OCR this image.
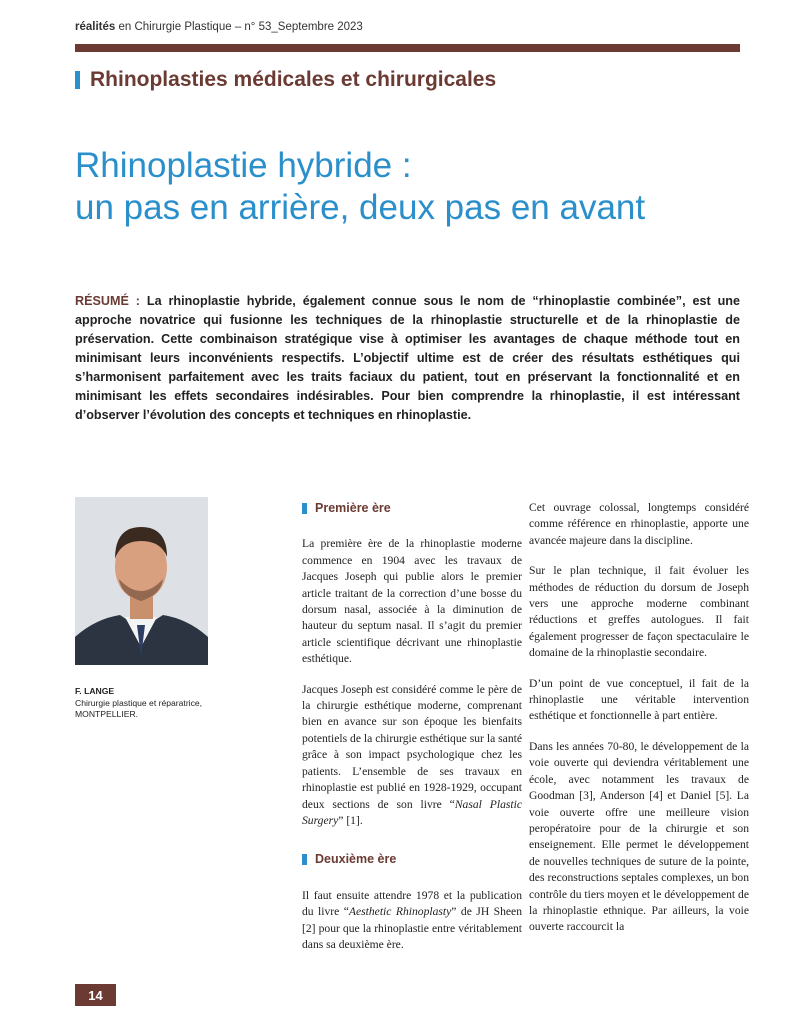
réalités en Chirurgie Plastique – n° 53_Septembre 2023
Rhinoplasties médicales et chirurgicales
Rhinoplastie hybride :
un pas en arrière, deux pas en avant
RÉSUMÉ : La rhinoplastie hybride, également connue sous le nom de “rhinoplastie combinée”, est une approche novatrice qui fusionne les techniques de la rhinoplastie structurelle et de la rhinoplastie de préservation. Cette combinaison stratégique vise à optimiser les avantages de chaque méthode tout en minimisant leurs inconvénients respectifs. L’objectif ultime est de créer des résultats esthétiques qui s’harmonisent parfaitement avec les traits faciaux du patient, tout en préservant la fonctionnalité et en minimisant les effets secondaires indésirables. Pour bien comprendre la rhinoplastie, il est intéressant d’observer l’évolution des concepts et techniques en rhinoplastie.
F. LANGE
Chirurgie plastique et réparatrice,
MONTPELLIER.
Première ère

La première ère de la rhinoplastie moderne commence en 1904 avec les travaux de Jacques Joseph qui publie alors le premier article traitant de la correction d’une bosse du dorsum nasal, associée à la diminution de hauteur du septum nasal. Il s’agit du premier article scientifique décrivant une rhinoplastie esthétique.

Jacques Joseph est considéré comme le père de la chirurgie esthétique moderne, comprenant bien en avance sur son époque les bienfaits potentiels de la chirurgie esthétique sur la santé grâce à son impact psychologique chez les patients. L’ensemble de ses travaux en rhinoplastie est publié en 1928-1929, occupant deux sections de son livre “Nasal Plastic Surgery” [1].

Deuxième ère

Il faut ensuite attendre 1978 et la publication du livre “Aesthetic Rhinoplasty” de JH Sheen [2] pour que la rhinoplastie entre véritablement dans sa deuxième ère.

Cet ouvrage colossal, longtemps considéré comme référence en rhinoplastie, apporte une avancée majeure dans la discipline.

Sur le plan technique, il fait évoluer les méthodes de réduction du dorsum de Joseph vers une approche moderne combinant réductions et greffes autologues. Il fait également progresser de façon spectaculaire le domaine de la rhinoplastie secondaire.

D’un point de vue conceptuel, il fait de la rhinoplastie une véritable intervention esthétique et fonctionnelle à part entière.

Dans les années 70-80, le développement de la voie ouverte qui deviendra véritablement une école, avec notamment les travaux de Goodman [3], Anderson [4] et Daniel [5]. La voie ouverte offre une meilleure vision peropératoire pour de la chirurgie et son enseignement. Elle permet le développement de nouvelles techniques de suture de la pointe, des reconstructions septales complexes, un bon contrôle du tiers moyen et le développement de la rhinoplastie ethnique. Par ailleurs, la voie ouverte raccourcit la

14
